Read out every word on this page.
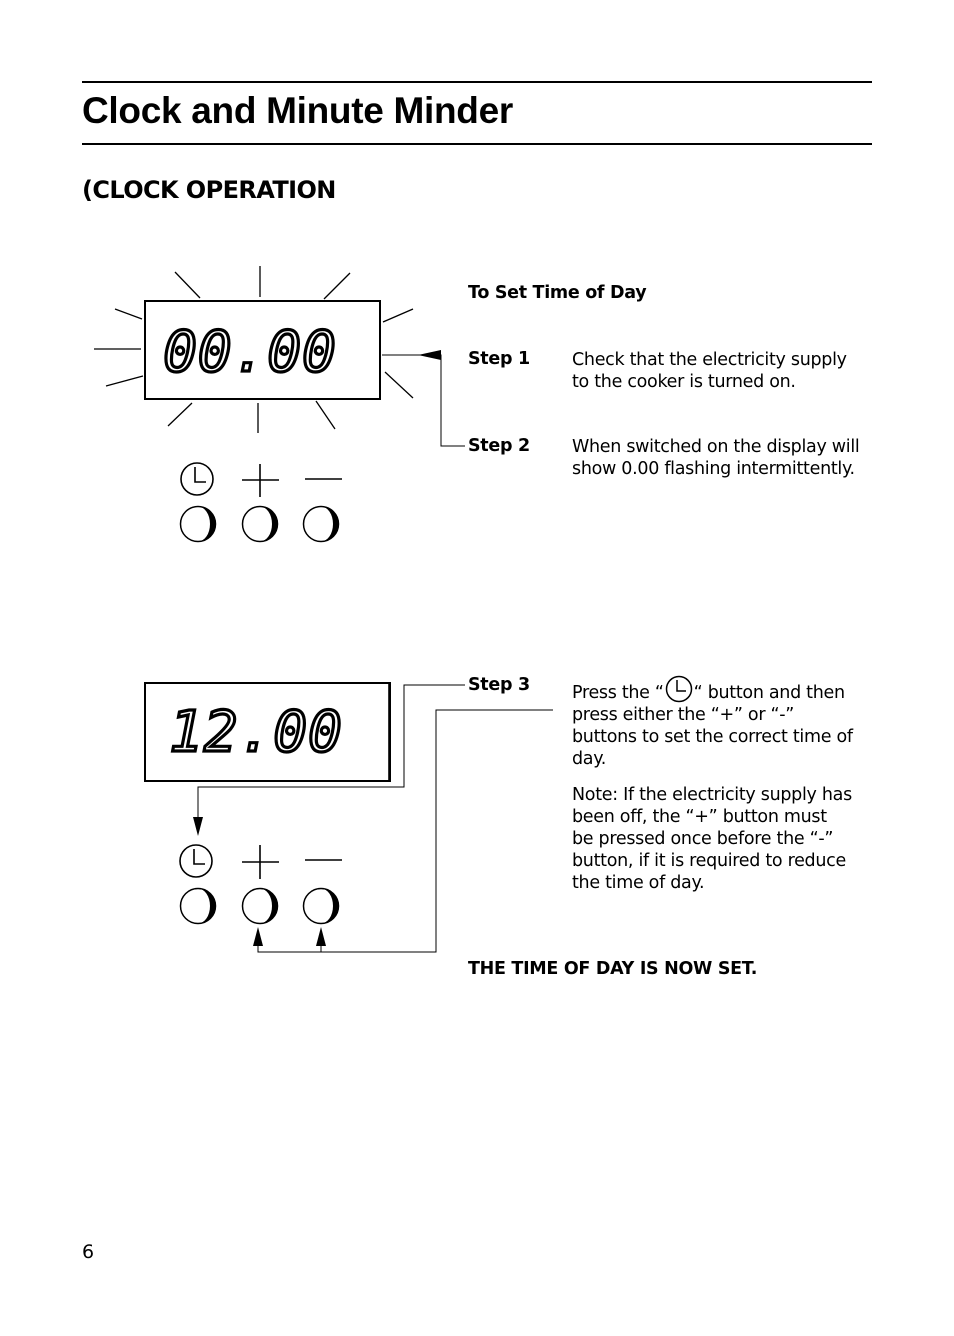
Clock and Minute Minder
(CLOCK OPERATION
00.00
12.00
To Set Time of Day
Step 1 Check that the electricity supply to the cooker is turned on.
Step 2 When switched on the display will show 0.00 flashing intermittently.
Step 3 Press the “ “ button and then press either the “+” or “-” buttons to set the correct time of day.
Note: If the electricity supply has been off, the “+” button must be pressed once before the “-” button, if it is required to reduce the time of day.
THE TIME OF DAY IS NOW SET.
6
